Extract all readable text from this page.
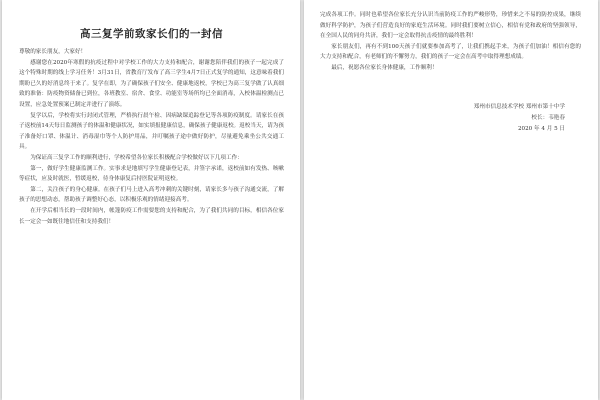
高三复学前致家长们的一封信

尊敬的家长朋友，大家好！

感谢您在2020年寒假的抗疫过程中对学校工作的大力支持和配合，谢谢您陪伴我们的孩子一起完成了这个特殊时期的线上学习任务！3月31日，省教育厅发布了高三学生4月7日正式复学的通知，这意味着我们期盼已久的好消息终于来了。复学在即，为了确保孩子们安全、健康地返校，学校已为高三复学做了认真细致的准备：防疫物资储备已到位，各班教室、宿舍、食堂、功能室等场所均已全面消毒，入校体温检测点已设置，应急处置预案已制定并进行了演练。

复学以后，学校将实行封闭式管理，严格执行晨午检、因病缺课追踪登记等各项防疫制度。请家长在孩子返校前14天每日监测孩子的体温和健康状况，如实填报健康信息，确保孩子健康返校。返校当天，请为孩子准备好口罩、体温计、消毒湿巾等个人防护用品，并叮嘱孩子途中做好防护，尽量避免乘坐公共交通工具。

为保证高三复学工作的顺利进行，学校希望各位家长积极配合学校做好以下几项工作：

第一，做好学生健康监测工作。实事求是地填写学生健康登记表，并签字承诺，返校前如有发热、咳嗽等症状，应及时就医，暂缓返校，待身体康复后持医院证明返校。

第二，关注孩子的身心健康。在孩子们马上进入高考冲刺的关键时刻，请家长多与孩子沟通交流，了解孩子的思想动态，帮助孩子调整好心态，以积极乐观的情绪迎接高考。

在开学后相当长的一段时间内，帐篷防疫工作需要您的支持和配合，为了我们共同的目标，相信各位家长一定会一如既往地信任和支持我们！

完成各项工作。同时也希望各位家长充分认识当前防疫工作的严峻形势，珍惜来之不易的防控成果，继续做好科学防护，为孩子们营造良好的家庭生活环境。同时我们要树立信心，相信有党和政府的坚强领导，在全国人民的同舟共济，我们一定会取得抗击疫情的最终胜利！

家长朋友们，再有不到100天孩子们就要参加高考了，让我们携起手来，为孩子们加油！相信有您的大力支持和配合，有老师们的不懈努力，我们的孩子一定会在高考中取得理想成绩。

最后，祝愿各位家长身体健康，工作顺利！

郑州市信息技术学校 郑州市第十中学
校长：韦艳春
2020 年 4 月 5 日
